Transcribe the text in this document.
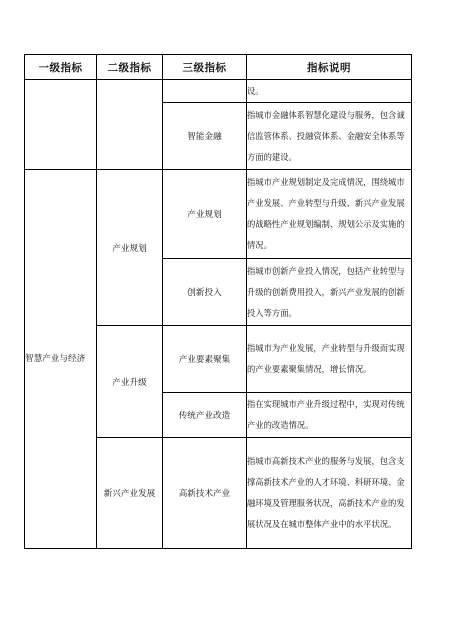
一级指标	二级指标	三级指标	指标说明

			设。

		智能金融	指城市金融体系智慧化建设与服务，包含诚信监管体系、投融资体系、金融安全体系等方面的建设。

智慧产业与经济	产业规划	产业规划	指城市产业规划制定及完成情况，围绕城市产业发展、产业转型与升级、新兴产业发展的战略性产业规划编制、规划公示及实施的情况。

		创新投入	指城市创新产业投入情况，包括产业转型与升级的创新费用投入，新兴产业发展的创新投入等方面。

	产业升级	产业要素聚集	指城市为产业发展，产业转型与升级而实现的产业要素聚集情况，增长情况。

		传统产业改造	指在实现城市产业升级过程中，实现对传统产业的改造情况。

	新兴产业发展	高新技术产业	指城市高新技术产业的服务与发展，包含支撑高新技术产业的人才环境、科研环境、金融环境及管理服务状况，高新技术产业的发展状况及在城市整体产业中的水平状况。
